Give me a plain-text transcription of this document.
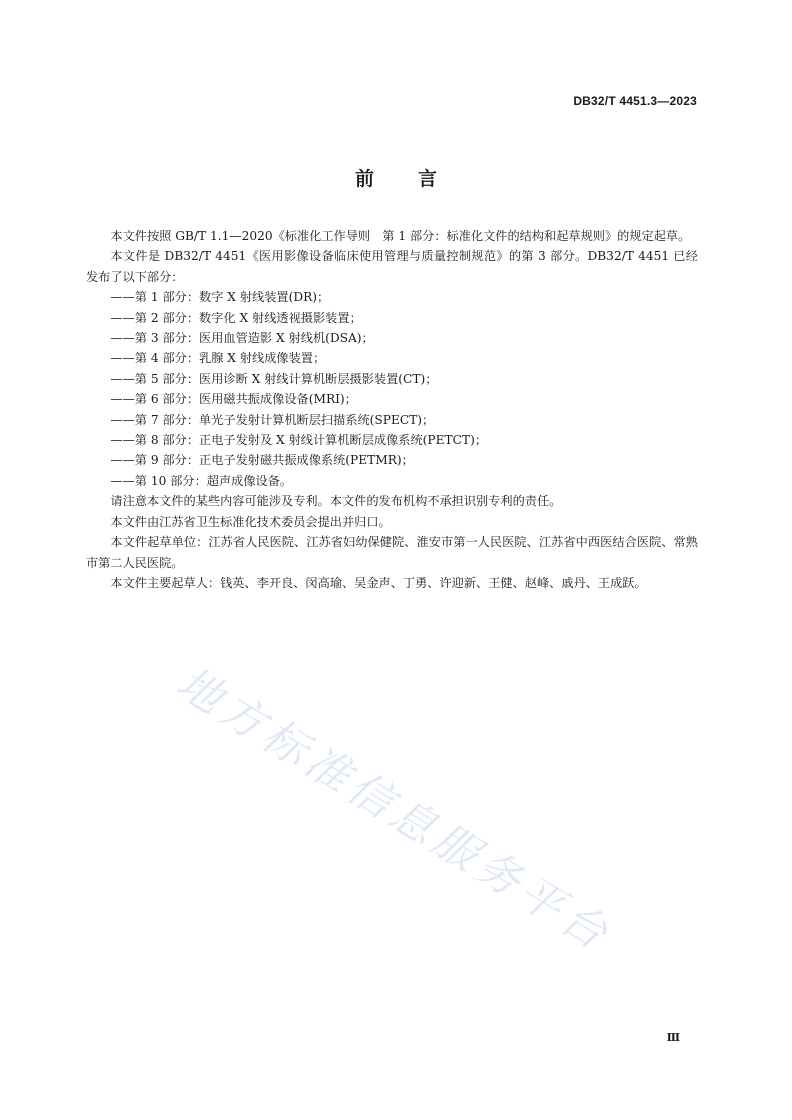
DB32/T 4451.3—2023
前言

本文件按照 GB/T 1.1—2020《标准化工作导则　第 1 部分：标准化文件的结构和起草规则》的规定起草。

本文件是 DB32/T 4451《医用影像设备临床使用管理与质量控制规范》的第 3 部分。DB32/T 4451 已经发布了以下部分：

——第 1 部分：数字 X 射线装置(DR)；

——第 2 部分：数字化 X 射线透视摄影装置；

——第 3 部分：医用血管造影 X 射线机(DSA)；

——第 4 部分：乳腺 X 射线成像装置；

——第 5 部分：医用诊断 X 射线计算机断层摄影装置(CT)；

——第 6 部分：医用磁共振成像设备(MRI)；

——第 7 部分：单光子发射计算机断层扫描系统(SPECT)；

——第 8 部分：正电子发射及 X 射线计算机断层成像系统(PETCT)；

——第 9 部分：正电子发射磁共振成像系统(PETMR)；

——第 10 部分：超声成像设备。

请注意本文件的某些内容可能涉及专利。本文件的发布机构不承担识别专利的责任。

本文件由江苏省卫生标准化技术委员会提出并归口。

本文件起草单位：江苏省人民医院、江苏省妇幼保健院、淮安市第一人民医院、江苏省中西医结合医院、常熟市第二人民医院。

本文件主要起草人：钱英、李开良、闵高瑜、吴金声、丁勇、许迎新、王健、赵峰、戚丹、王成跃。

地方标准信息服务平台
Ⅲ
